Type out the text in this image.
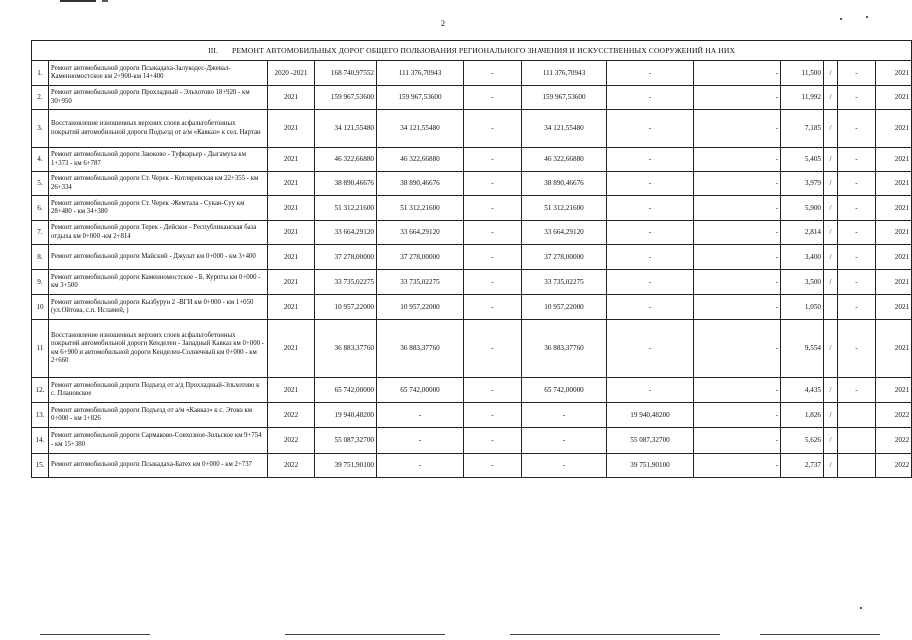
2
III. РЕМОНТ АВТОМОБИЛЬНЫХ ДОРОГ ОБЩЕГО ПОЛЬЗОВАНИЯ РЕГИОНАЛЬНОГО ЗНАЧЕНИЯ И ИСКУССТВЕННЫХ СООРУЖЕНИЙ НА НИХ												
1.	Ремонт автомобильной дороги Псыкадаха-Залукодес-Джевал-Каменномостское км 2+900-км 14+400	2020 -2021	168 740,97552	111 376,70943	-	111 376,70943	-	-	11,500	/	-	2021
2.	Ремонт автомобильной дороги Прохладный - Эльхотово 18+920 - км 30+950	2021	159 967,53600	159 967,53600	-	159 967,53600	-	-	11,992	/	-	2021
3.	Восстановление изношенных верхних слоев асфальтобетонных покрытий автомобильной дороги Подъезд от а/м «Кавказ» к сел. Нартан	2021	34 121,55480	34 121,55480	-	34 121,55480	-	-	7,185	/	-	2021
4.	Ремонт автомобильной дороги Заюково - Туфкарьер - Дыгамуха км 1+373 - км 6+787	2021	46 322,66880	46 322,66880	-	46 322,66880	-	-	5,405	/	-	2021
5.	Ремонт автомобильной дороги Ст. Черек - Котляревская км 22+355 - км 26+334	2021	38 890,46676	38 890,46676	-	38 890,46676	-	-	3,979	/	-	2021
6.	Ремонт автомобильной дороги Ст. Черек -Жемтала - Сукан-Суу км 28+480 - км 34+380	2021	51 312,21600	51 312,21600	-	51 312,21600	-	-	5,900	/	-	2021
7.	Ремонт автомобильной дороги Терек - Дейское - Республиканская база отдыха км 0+000 -км 2+814	2021	33 664,29120	33 664,29120	-	33 664,29120	-	-	2,814	/	-	2021
8.	Ремонт автомобильной дороги Майский - Джулат км 0+000 - км 3+400	2021	37 278,00000	37 278,00000	-	37 278,00000	-	-	3,400	/	-	2021
9.	Ремонт автомобильной дороги Каменномостское - Б. Курпты км 0+000 - км 3+500	2021	33 735,02275	33 735,02275	-	33 735,02275	-	-	3,500	/	-	2021
10	Ремонт автомобильной дороги Кызбурун 2 -ВГИ км 0+000 - км 1+050 (ул.Ойтова, с.п. Исламей, )	2021	10 957,22000	10 957,22000	-	10 957,22000	-	-	1,050		-	2021
11	Восстановление изношенных верхних слоев асфальтобетонных покрытий автомобильной дороги Кенделен - Западный Кавказ км 0+000 - км 6+900 и автомобильной дороги Кенделен-Солнечный км 0+000 - км 2+660	2021	36 883,37760	36 883,37760	-	36 883,37760	-	-	9,554	/	-	2021
12.	Ремонт автомобильной дороги Подъезд от а/д Прохладный-Эльхотово к с. Плановское	2021	65 742,00000	65 742,00000	-	65 742,00000	-	-	4,435	/	-	2021
13.	Ремонт автомобильной дороги Подъезд от а/м «Кавказ» к с. Этоко км 0+000 - км 1+826	2022	19 940,48200	-	-	-	19 940,48200	-	1,826	/		2022
14.	Ремонт автомобильной дороги Сармаково-Совхозное-Зольское км 9+754 - км 15+380	2022	55 087,32700	-	-	-	55 087,32700	-	5,626	/		2022
15.	Ремонт автомобильной дороги Псыкадаха-Батех км 0+000 - км 2+737	2022	39 751,90100	-	-	-	39 751,90100	-	2,737	/		2022
